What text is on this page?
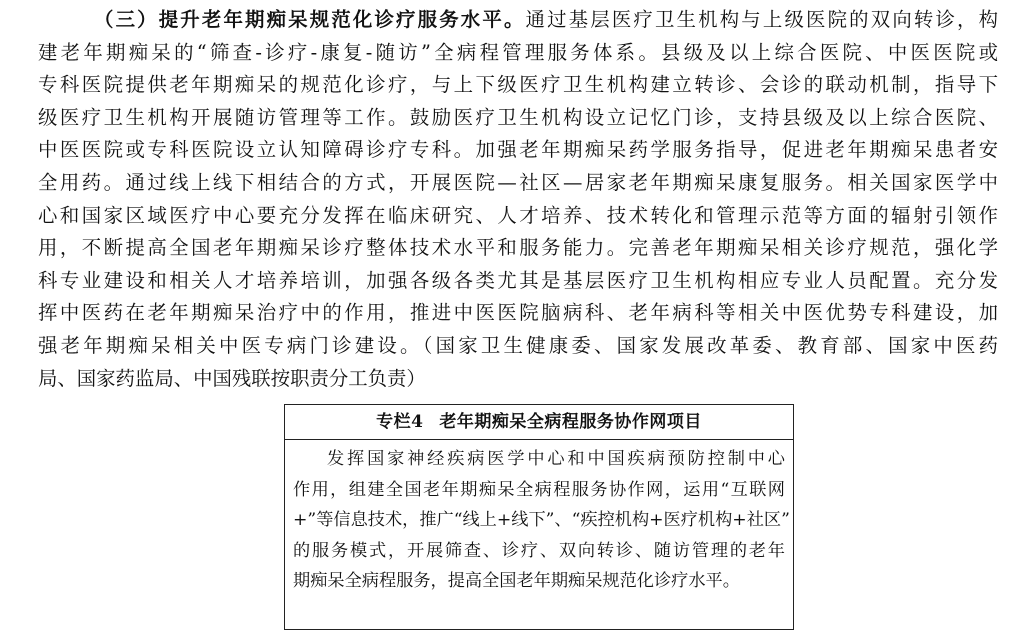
（三）提升老年期痴呆规范化诊疗服务水平。通过基层医疗卫生机构与上级医院的双向转诊，构
建老年期痴呆的“筛查-诊疗-康复-随访”全病程管理服务体系。县级及以上综合医院、中医医院或
专科医院提供老年期痴呆的规范化诊疗，与上下级医疗卫生机构建立转诊、会诊的联动机制，指导下
级医疗卫生机构开展随访管理等工作。鼓励医疗卫生机构设立记忆门诊，支持县级及以上综合医院、
中医医院或专科医院设立认知障碍诊疗专科。加强老年期痴呆药学服务指导，促进老年期痴呆患者安
全用药。通过线上线下相结合的方式，开展医院—社区—居家老年期痴呆康复服务。相关国家医学中
心和国家区域医疗中心要充分发挥在临床研究、人才培养、技术转化和管理示范等方面的辐射引领作
用，不断提高全国老年期痴呆诊疗整体技术水平和服务能力。完善老年期痴呆相关诊疗规范，强化学
科专业建设和相关人才培养培训，加强各级各类尤其是基层医疗卫生机构相应专业人员配置。充分发
挥中医药在老年期痴呆治疗中的作用，推进中医医院脑病科、老年病科等相关中医优势专科建设，加
强老年期痴呆相关中医专病门诊建设。（国家卫生健康委、国家发展改革委、教育部、国家中医药
局、国家药监局、中国残联按职责分工负责）
专栏4 老年期痴呆全病程服务协作网项目
发挥国家神经疾病医学中心和中国疾病预防控制中心
作用，组建全国老年期痴呆全病程服务协作网，运用“互联网
+”等信息技术，推广“线上+线下”、“疾控机构+医疗机构+社区”
的服务模式，开展筛查、诊疗、双向转诊、随访管理的老年
期痴呆全病程服务，提高全国老年期痴呆规范化诊疗水平。
